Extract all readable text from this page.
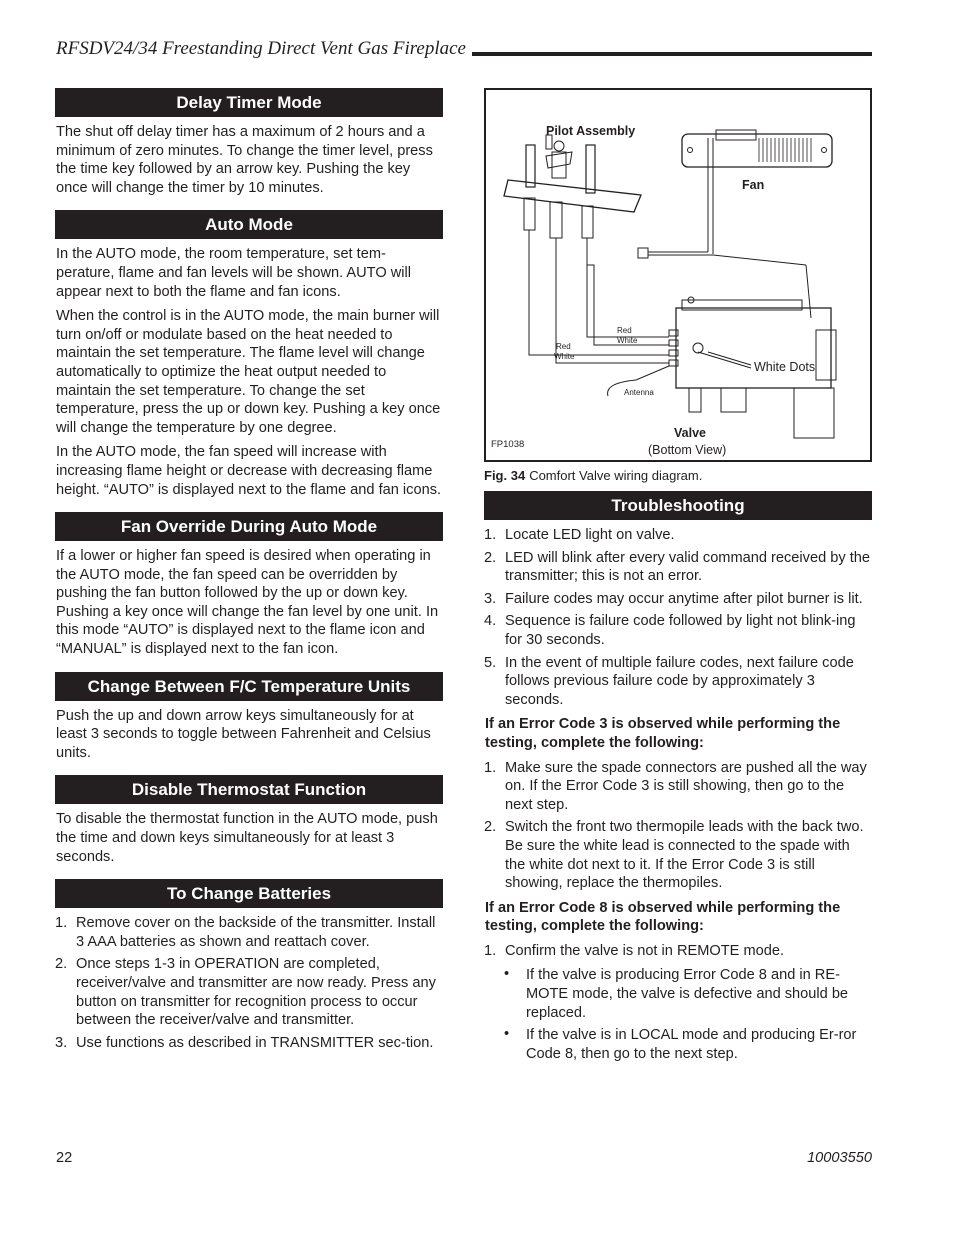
RFSDV24/34 Freestanding Direct Vent Gas Fireplace
Delay Timer Mode

The shut off delay timer has a maximum of 2 hours and a minimum of zero minutes. To change the timer level, press the time key followed by an arrow key. Pushing the key once will change the timer by 10 minutes.

Auto Mode

In the AUTO mode, the room temperature, set tem-perature, flame and fan levels will be shown. AUTO will appear next to both the flame and fan icons.

When the control is in the AUTO mode, the main burner will turn on/off or modulate based on the heat needed to maintain the set temperature. The flame level will change automatically to optimize the heat output needed to maintain the set temperature. To change the set temperature, press the up or down key. Pushing a key once will change the temperature by one degree.

In the AUTO mode, the fan speed will increase with increasing flame height or decrease with decreasing flame height. “AUTO” is displayed next to the flame and fan icons.

Fan Override During Auto Mode

If a lower or higher fan speed is desired when operating in the AUTO mode, the fan speed can be overridden by pushing the fan button followed by the up or down key. Pushing a key once will change the fan level by one unit. In this mode “AUTO” is displayed next to the flame icon and “MANUAL” is displayed next to the fan icon.

Change Between F/C Temperature Units

Push the up and down arrow keys simultaneously for at least 3 seconds to toggle between Fahrenheit and Celsius units.

Disable Thermostat Function

To disable the thermostat function in the AUTO mode, push the time and down keys simultaneously for at least 3 seconds.

To Change Batteries
1. Remove cover on the backside of the transmitter. Install 3 AAA batteries as shown and reattach cover.
2. Once steps 1-3 in OPERATION are completed, receiver/valve and transmitter are now ready. Press any button on transmitter for recognition process to occur between the receiver/valve and transmitter.
3. Use functions as described in TRANSMITTER sec-tion.
Pilot Assembly
Fan
Red
White
Red
White
Antenna
White Dots
Valve
(Bottom View)
FP1038
Fig. 34 Comfort Valve wiring diagram.
Troubleshooting
1. Locate LED light on valve.
2. LED will blink after every valid command received by the transmitter; this is not an error.
3. Failure codes may occur anytime after pilot burner is lit.
4. Sequence is failure code followed by light not blink-ing for 30 seconds.
5. In the event of multiple failure codes, next failure code follows previous failure code by approximately 3 seconds.

If an Error Code 3 is observed while performing the testing, complete the following:

1. Make sure the spade connectors are pushed all the way on. If the Error Code 3 is still showing, then go to the next step.
2. Switch the front two thermopile leads with the back two. Be sure the white lead is connected to the spade with the white dot next to it. If the Error Code 3 is still showing, replace the thermopiles.

If an Error Code 8 is observed while performing the testing, complete the following:

1. Confirm the valve is not in REMOTE mode.
• If the valve is producing Error Code 8 and in RE-MOTE mode, the valve is defective and should be replaced.
• If the valve is in LOCAL mode and producing Er-ror Code 8, then go to the next step.
22	10003550
